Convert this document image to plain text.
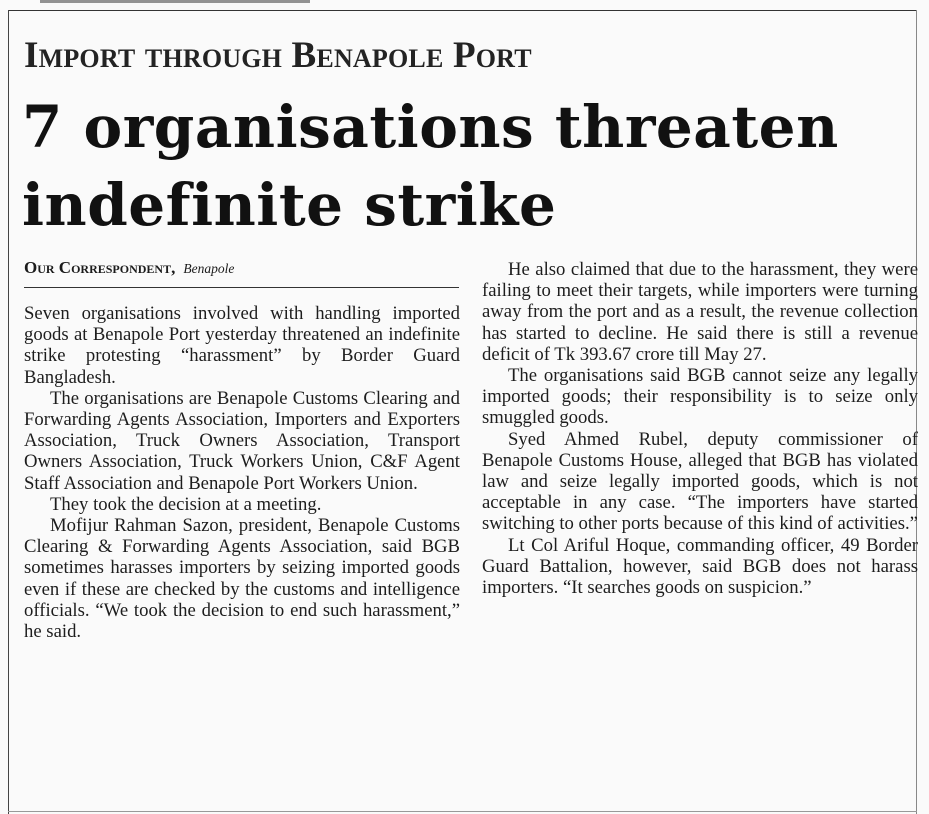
Import through Benapole Port
7 organisations threaten indefinite strike
Our Correspondent, Benapole

Seven organisations involved with handling imported goods at Benapole Port yesterday threatened an indefinite strike protesting “harassment” by Border Guard Bangladesh.

The organisations are Benapole Customs Clearing and Forwarding Agents Association, Importers and Exporters Association, Truck Owners Association, Transport Owners Association, Truck Workers Union, C&F Agent Staff Association and Benapole Port Workers Union.

They took the decision at a meeting.

Mofijur Rahman Sazon, president, Benapole Customs Clearing & Forwarding Agents Association, said BGB sometimes harasses importers by seizing imported goods even if these are checked by the customs and intelligence officials. “We took the decision to end such harassment,” he said.

He also claimed that due to the harassment, they were failing to meet their targets, while importers were turning away from the port and as a result, the revenue collection has started to decline. He said there is still a revenue deficit of Tk 393.67 crore till May 27.

The organisations said BGB cannot seize any legally imported goods; their responsibility is to seize only smuggled goods.

Syed Ahmed Rubel, deputy commissioner of Benapole Customs House, alleged that BGB has violated law and seize legally imported goods, which is not acceptable in any case. “The importers have started switching to other ports because of this kind of activities.”

Lt Col Ariful Hoque, commanding officer, 49 Border Guard Battalion, however, said BGB does not harass importers. “It searches goods on suspicion.”
